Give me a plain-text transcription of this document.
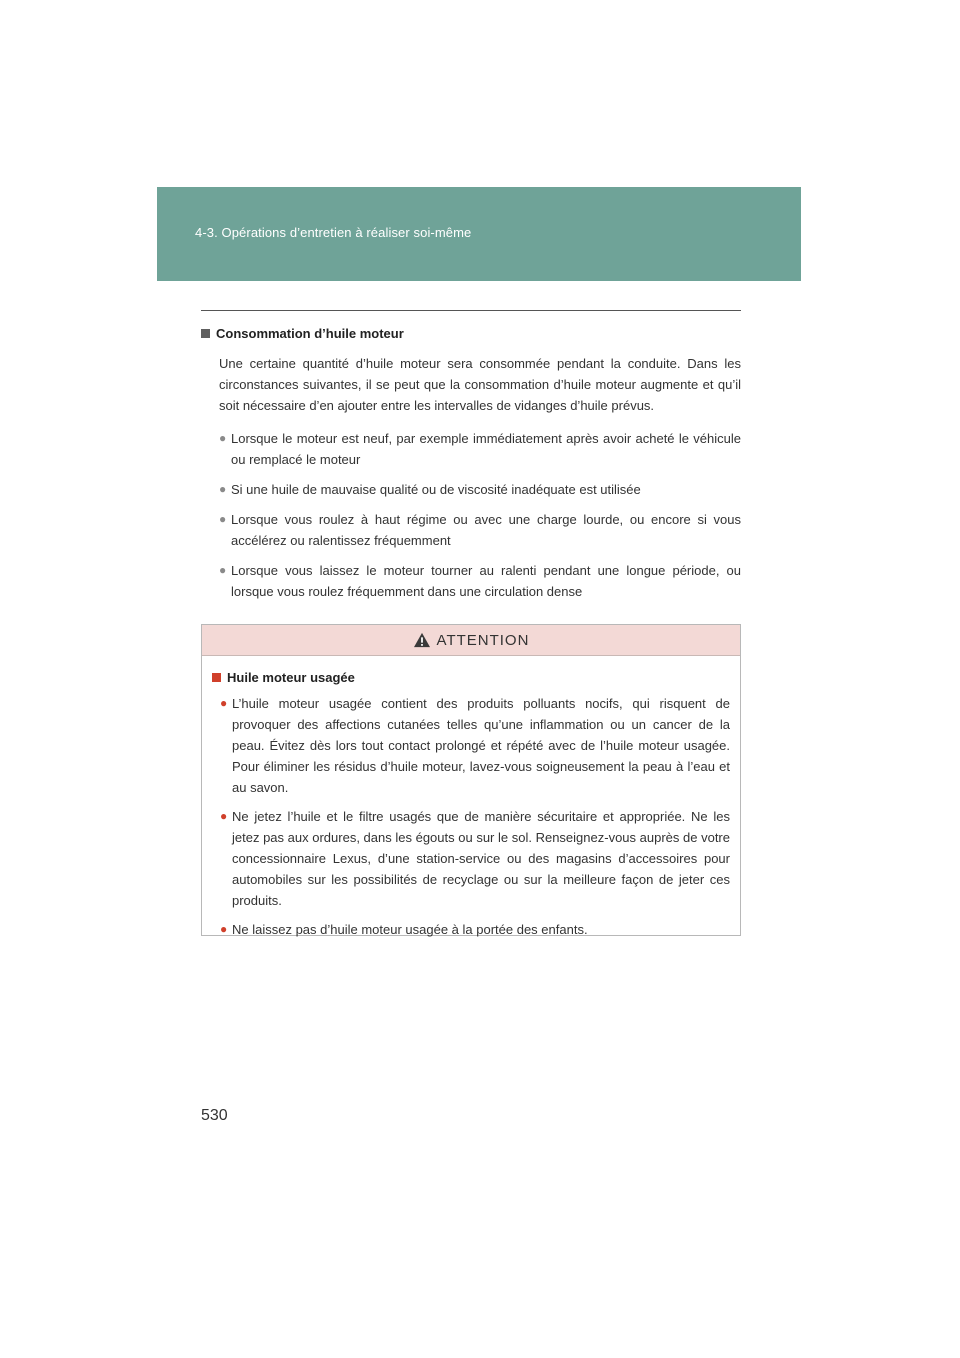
4-3. Opérations d’entretien à réaliser soi-même
Consommation d’huile moteur

Une certaine quantité d’huile moteur sera consommée pendant la conduite. Dans les circonstances suivantes, il se peut que la consommation d’huile moteur augmente et qu’il soit nécessaire d’en ajouter entre les intervalles de vidanges d’huile prévus.

● Lorsque le moteur est neuf, par exemple immédiatement après avoir acheté le véhicule ou remplacé le moteur
● Si une huile de mauvaise qualité ou de viscosité inadéquate est utilisée
● Lorsque vous roulez à haut régime ou avec une charge lourde, ou encore si vous accélérez ou ralentissez fréquemment
● Lorsque vous laissez le moteur tourner au ralenti pendant une longue période, ou lorsque vous roulez fréquemment dans une circulation dense
ATTENTION
Huile moteur usagée
● L’huile moteur usagée contient des produits polluants nocifs, qui risquent de provoquer des affections cutanées telles qu’une inflammation ou un cancer de la peau. Évitez dès lors tout contact prolongé et répété avec de l’huile moteur usagée. Pour éliminer les résidus d’huile moteur, lavez-vous soigneusement la peau à l’eau et au savon.
● Ne jetez l’huile et le filtre usagés que de manière sécuritaire et appropriée. Ne les jetez pas aux ordures, dans les égouts ou sur le sol. Renseignez-vous auprès de votre concessionnaire Lexus, d’une station-service ou des magasins d’accessoires pour automobiles sur les possibilités de recyclage ou sur la meilleure façon de jeter ces produits.
● Ne laissez pas d’huile moteur usagée à la portée des enfants.
530
